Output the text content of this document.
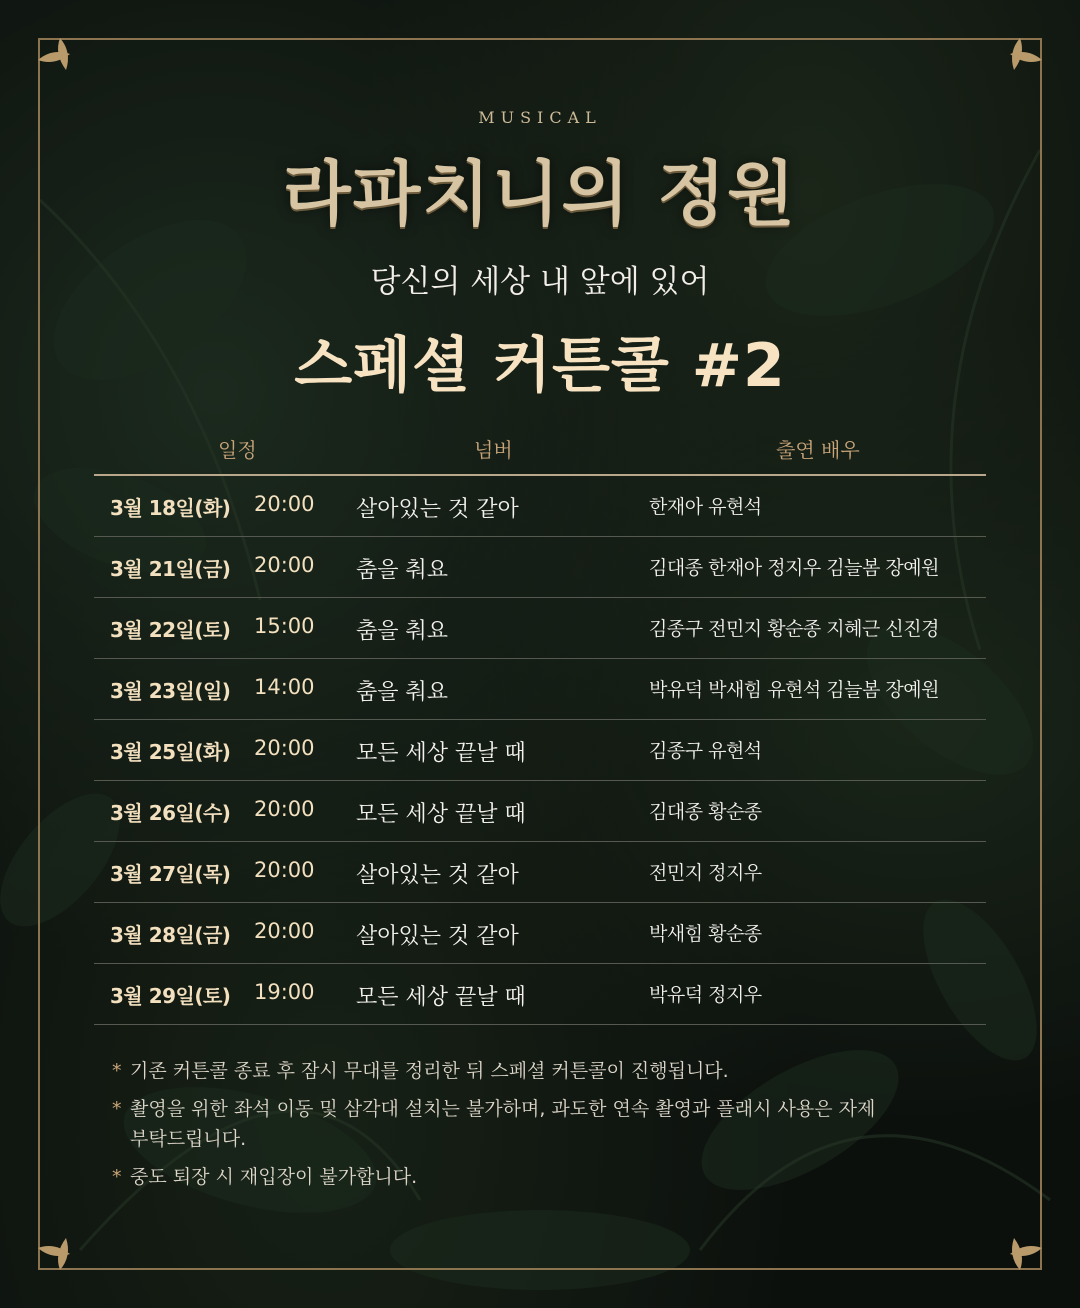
MUSICAL
라파치니의 정원
당신의 세상 내 앞에 있어
스페셜 커튼콜 #2
일정	넘버	출연 배우
3월 18일(화)	20:00 살아있는 것 같아	한재아 유현석
3월 21일(금)	20:00 춤을 춰요	김대종 한재아 정지우 김늘봄 장예원
3월 22일(토)	15:00 춤을 춰요	김종구 전민지 황순종 지혜근 신진경
3월 23일(일)	14:00 춤을 춰요	박유덕 박새힘 유현석 김늘봄 장예원
3월 25일(화)	20:00 모든 세상 끝날 때	김종구 유현석
3월 26일(수)	20:00 모든 세상 끝날 때	김대종 황순종
3월 27일(목)	20:00 살아있는 것 같아	전민지 정지우
3월 28일(금)	20:00 살아있는 것 같아	박새힘 황순종
3월 29일(토)	19:00 모든 세상 끝날 때	박유덕 정지우
* 기존 커튼콜 종료 후 잠시 무대를 정리한 뒤 스페셜 커튼콜이 진행됩니다.
* 촬영을 위한 좌석 이동 및 삼각대 설치는 불가하며, 과도한 연속 촬영과 플래시 사용은 자제 부탁드립니다.
* 중도 퇴장 시 재입장이 불가합니다.
